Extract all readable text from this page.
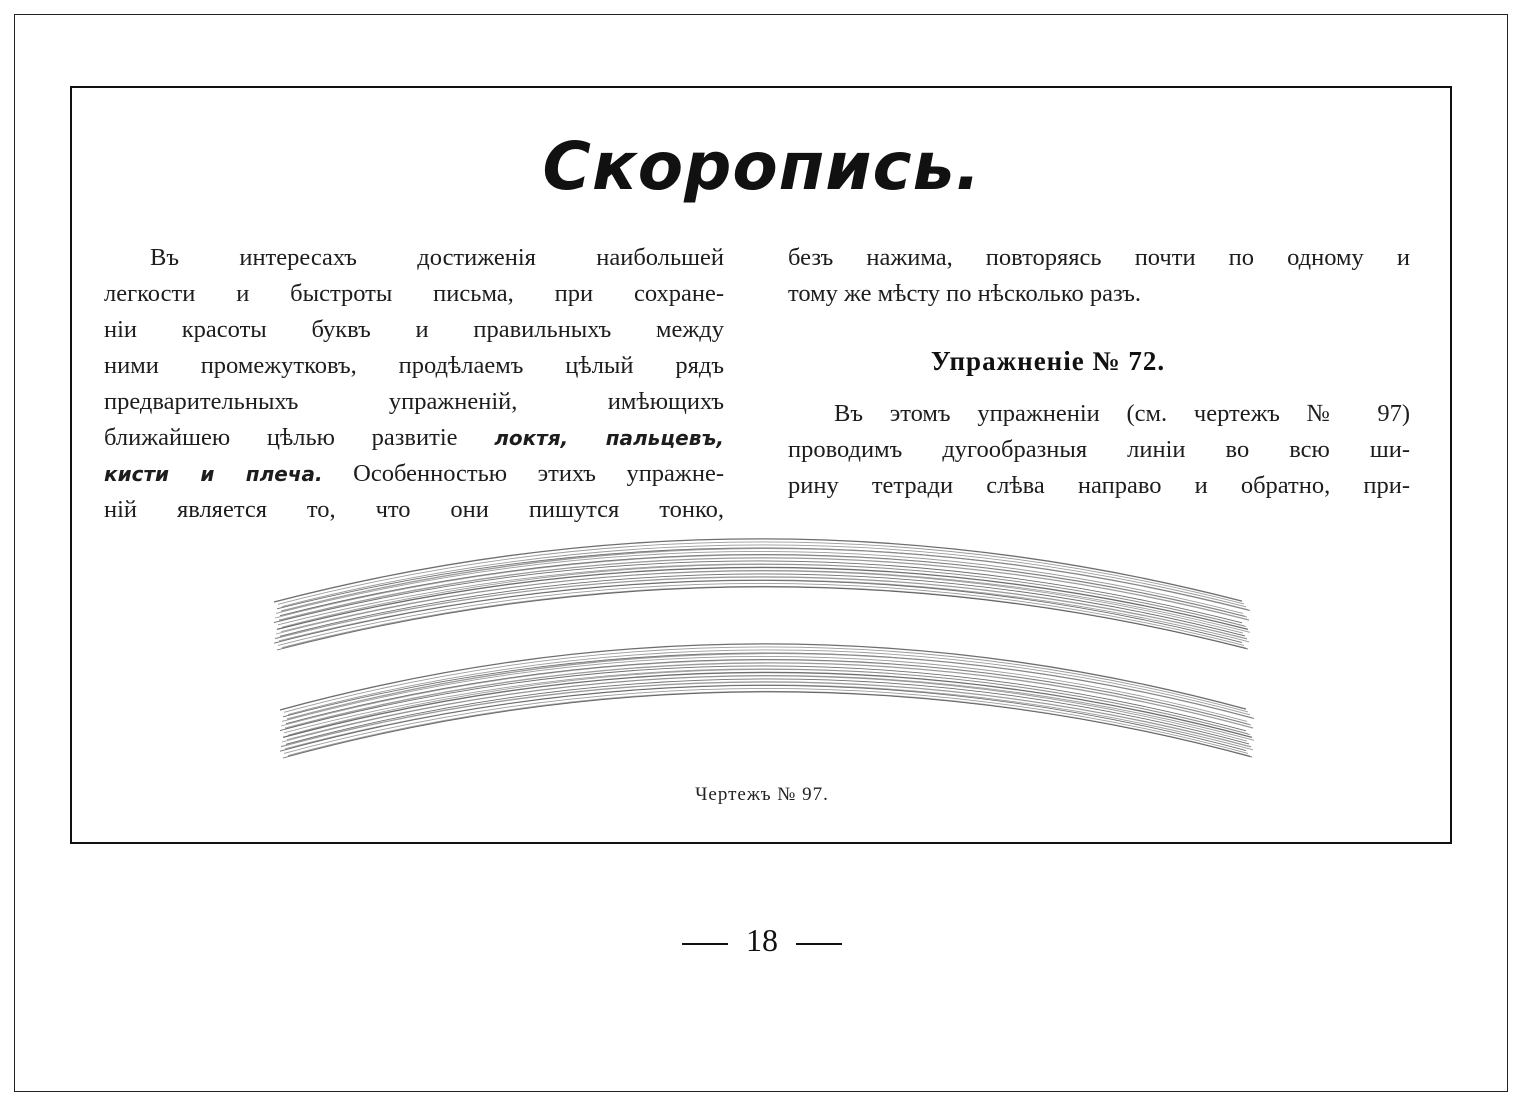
Скоропись.
Въ интересахъ достиженія наибольшей
легкости и быстроты письма, при сохране-
ніи красоты буквъ и правильныхъ между
ними промежутковъ, продѣлаемъ цѣлый рядъ
предварительныхъ упражненій, имѣющихъ
ближайшею цѣлью развитіе локтя, пальцевъ,
кисти и плеча. Особенностью этихъ упражне-
ній является то, что они пишутся тонко,
безъ нажима, повторяясь почти по одному и
тому же мѣсту по нѣсколько разъ.
Упражненіе № 72.
Въ этомъ упражненіи (см. чертежъ № 97)
проводимъ дугообразныя линіи во всю ши-
рину тетради слѣва направо и обратно, при-
Чертежъ № 97.
18
